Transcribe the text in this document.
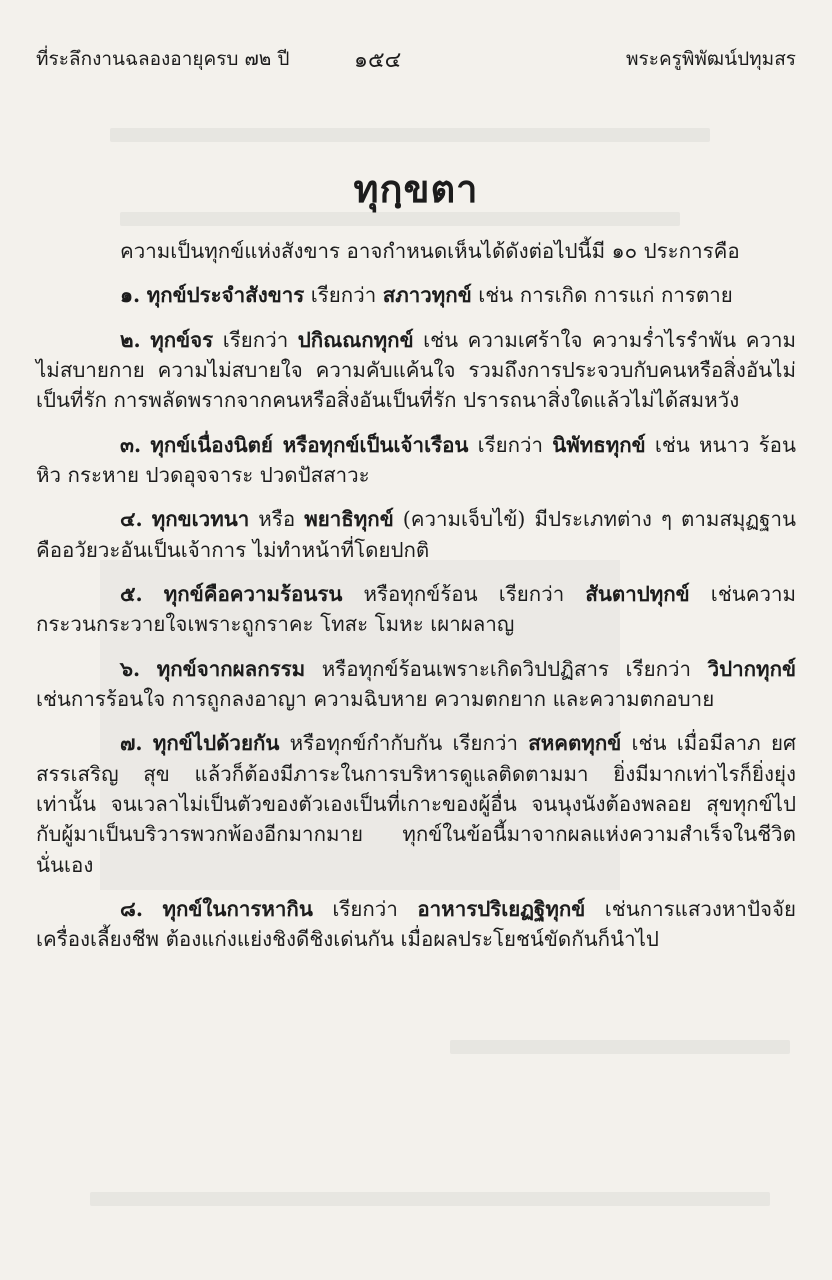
ที่ระลึกงานฉลองอายุครบ ๗๒ ปี	๑๕๔	พระครูพิพัฒน์ปทุมสร
ทุกฺขตา

ความเป็นทุกข์แห่งสังขาร อาจกำหนดเห็นได้ดังต่อไปนี้มี ๑๐ ประการคือ

๑. ทุกข์ประจำสังขาร เรียกว่า สภาวทุกข์ เช่น การเกิด การแก่ การตาย

๒. ทุกข์จร เรียกว่า ปกิณณกทุกข์ เช่น ความเศร้าใจ ความร่ำไรรำพัน ความไม่สบายกาย ความไม่สบายใจ ความคับแค้นใจ รวมถึงการประจวบกับคนหรือสิ่งอันไม่เป็นที่รัก การพลัดพรากจากคนหรือสิ่งอันเป็นที่รัก ปรารถนาสิ่งใดแล้วไม่ได้สมหวัง

๓. ทุกข์เนื่องนิตย์ หรือทุกข์เป็นเจ้าเรือน เรียกว่า นิพัทธทุกข์ เช่น หนาว ร้อน หิว กระหาย ปวดอุจจาระ ปวดปัสสาวะ

๔. ทุกขเวทนา หรือ พยาธิทุกข์ (ความเจ็บไข้) มีประเภทต่าง ๆ ตามสมุฏฐาน คืออวัยวะอันเป็นเจ้าการ ไม่ทำหน้าที่โดยปกติ

๕. ทุกข์คือความร้อนรน หรือทุกข์ร้อน เรียกว่า สันตาปทุกข์ เช่นความกระวนกระวายใจเพราะถูกราคะ โทสะ โมหะ เผาผลาญ

๖. ทุกข์จากผลกรรม หรือทุกข์ร้อนเพราะเกิดวิปปฏิสาร เรียกว่า วิปากทุกข์ เช่นการร้อนใจ การถูกลงอาญา ความฉิบหาย ความตกยาก และความตกอบาย

๗. ทุกข์ไปด้วยกัน หรือทุกข์กำกับกัน เรียกว่า สหคตทุกข์ เช่น เมื่อมีลาภ ยศ สรรเสริญ สุข แล้วก็ต้องมีภาระในการบริหารดูแลติดตามมา ยิ่งมีมากเท่าไรก็ยิ่งยุ่งเท่านั้น จนเวลาไม่เป็นตัวของตัวเองเป็นที่เกาะของผู้อื่น จนนุงนังต้องพลอย สุขทุกข์ไปกับผู้มาเป็นบริวารพวกพ้องอีกมากมาย ทุกข์ในข้อนี้มาจากผลแห่งความสำเร็จในชีวิตนั่นเอง

๘. ทุกข์ในการหากิน เรียกว่า อาหารปริเยฏฐิทุกข์ เช่นการแสวงหาปัจจัยเครื่องเลี้ยงชีพ ต้องแก่งแย่งชิงดีชิงเด่นกัน เมื่อผลประโยชน์ขัดกันก็นำไป
